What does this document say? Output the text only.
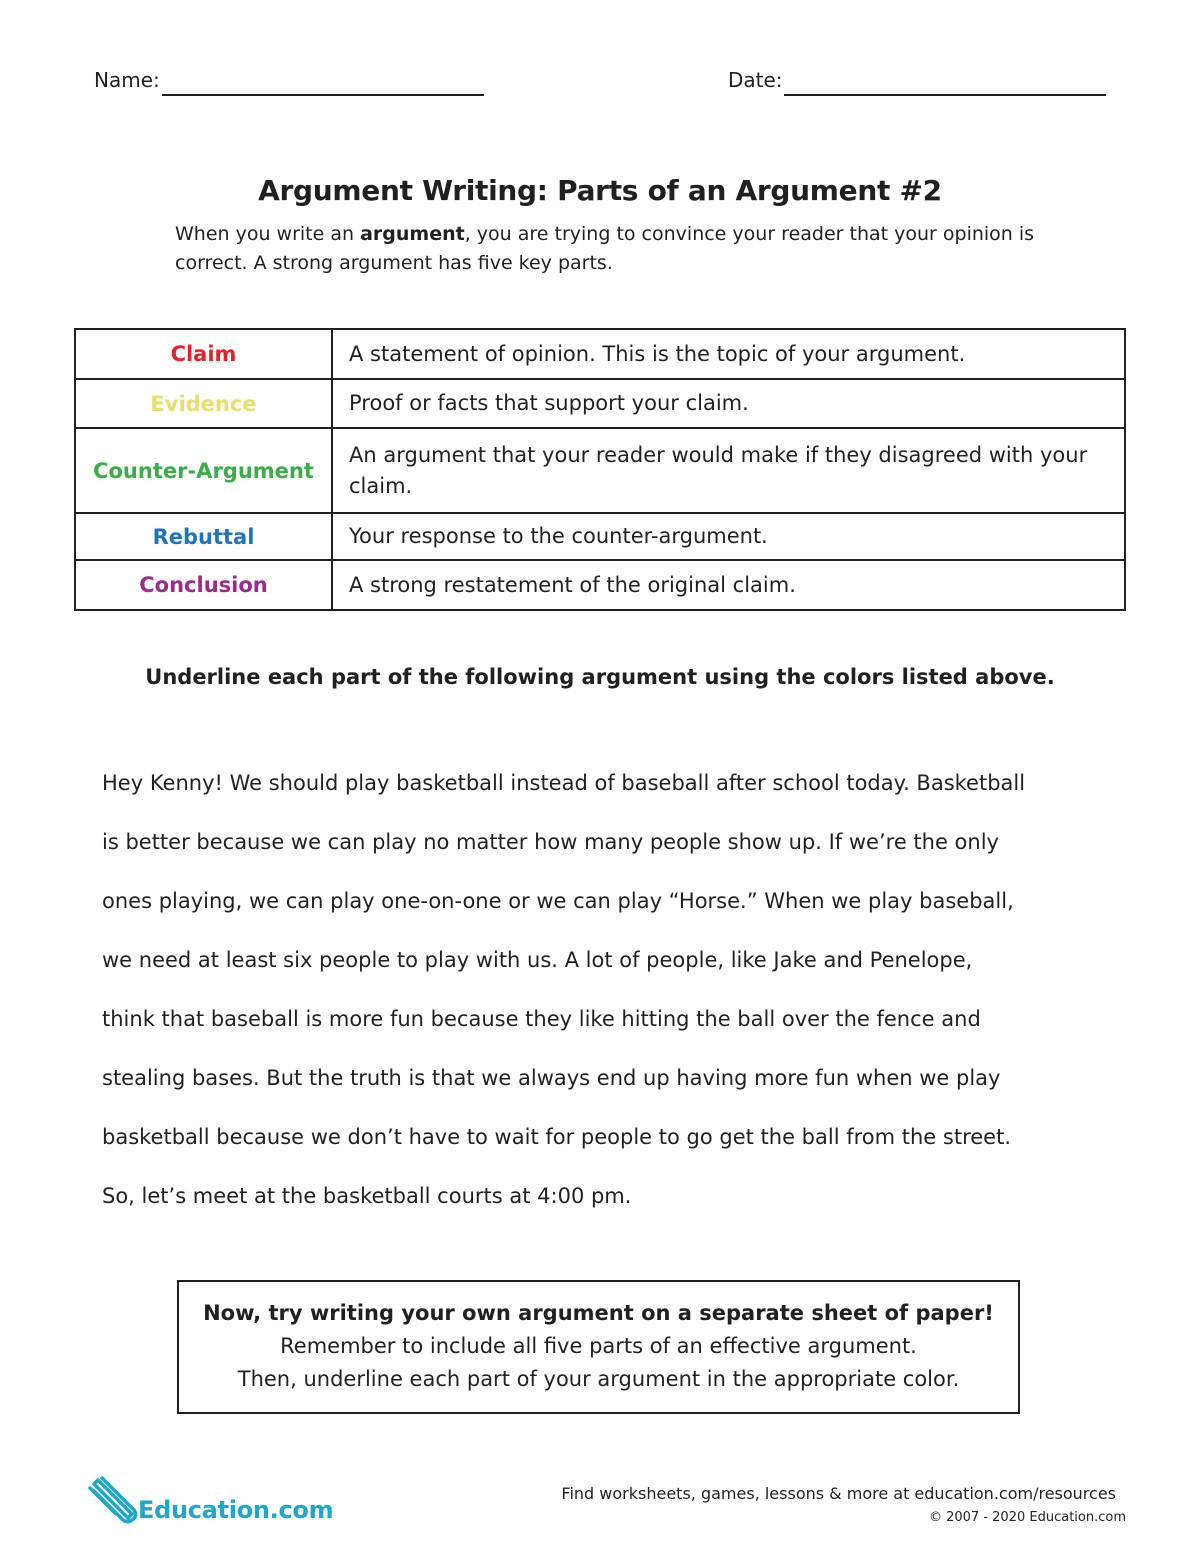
Name:	Date:
Argument Writing: Parts of an Argument #2

When you write an argument, you are trying to convince your reader that your opinion is correct. A strong argument has five key parts.

Claim	A statement of opinion. This is the topic of your argument.
Evidence	Proof or facts that support your claim.
Counter-Argument	An argument that your reader would make if they disagreed with your claim.
Rebuttal	Your response to the counter-argument.
Conclusion	A strong restatement of the original claim.

Underline each part of the following argument using the colors listed above.

Hey Kenny! We should play basketball instead of baseball after school today. Basketball
is better because we can play no matter how many people show up. If we’re the only
ones playing, we can play one-on-one or we can play “Horse.” When we play baseball,
we need at least six people to play with us. A lot of people, like Jake and Penelope,
think that baseball is more fun because they like hitting the ball over the fence and
stealing bases. But the truth is that we always end up having more fun when we play
basketball because we don’t have to wait for people to go get the ball from the street.
So, let’s meet at the basketball courts at 4:00 pm.
Now, try writing your own argument on a separate sheet of paper!
Remember to include all five parts of an effective argument.
Then, underline each part of your argument in the appropriate color.
Education.com
Find worksheets, games, lessons & more at education.com/resources
© 2007 - 2020 Education.com
